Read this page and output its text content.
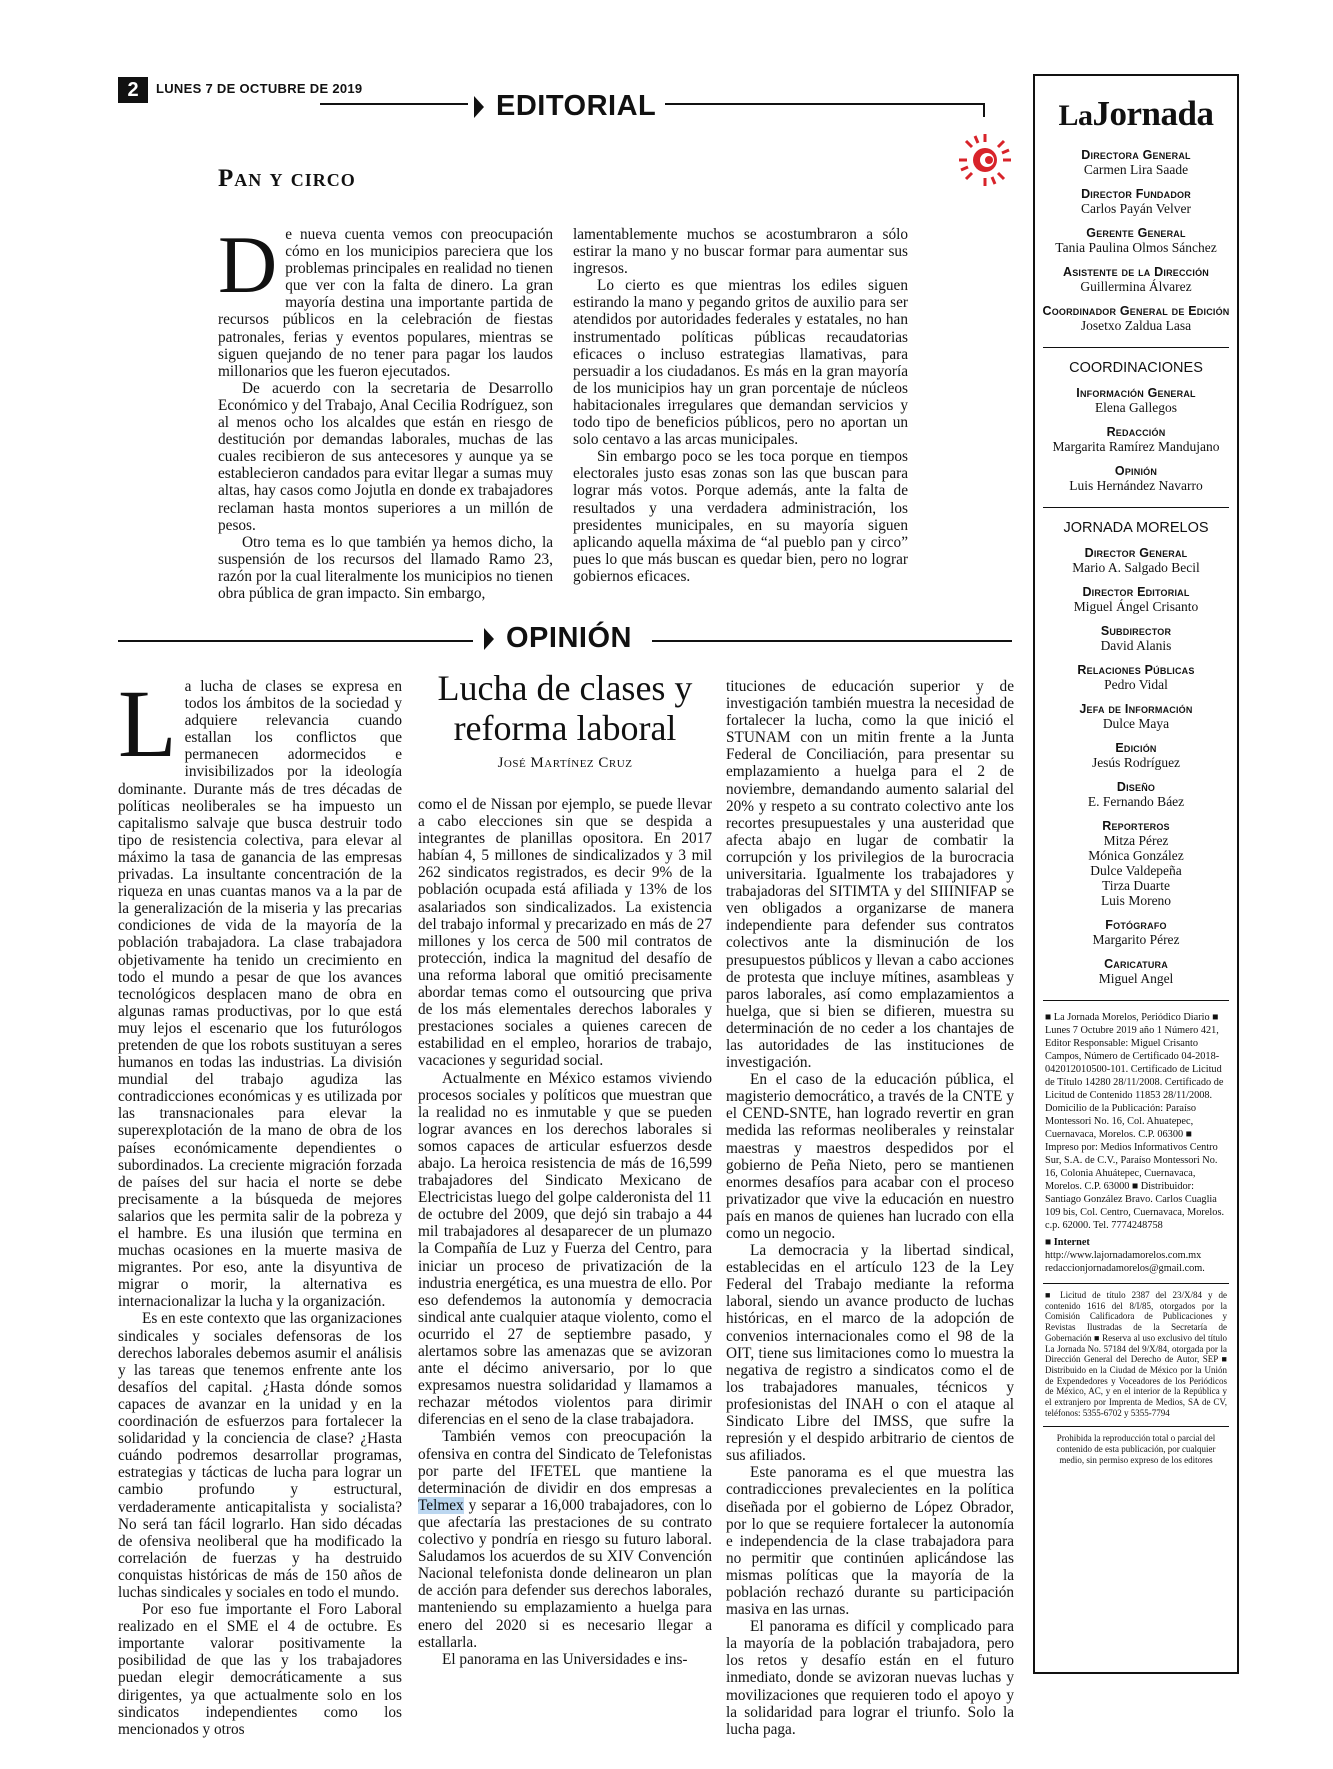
2	LUNES 7 DE OCTUBRE DE 2019
EDITORIAL
Pan y circo

De nueva cuenta vemos con preocupación cómo en los municipios pareciera que los problemas principales en realidad no tienen que ver con la falta de dinero. La gran mayoría destina una importante partida de recursos públicos en la celebración de fiestas patronales, ferias y eventos populares, mientras se siguen quejando de no tener para pagar los laudos millonarios que les fueron ejecutados.

De acuerdo con la secretaria de Desarrollo Económico y del Trabajo, Anal Cecilia Rodríguez, son al menos ocho los alcaldes que están en riesgo de destitución por demandas laborales, muchas de las cuales recibieron de sus antecesores y aunque ya se establecieron candados para evitar llegar a sumas muy altas, hay casos como Jojutla en donde ex trabajadores reclaman hasta montos superiores a un millón de pesos.

Otro tema es lo que también ya hemos dicho, la suspensión de los recursos del llamado Ramo 23, razón por la cual literalmente los municipios no tienen obra pública de gran impacto. Sin embargo,

lamentablemente muchos se acostumbraron a sólo estirar la mano y no buscar formar para aumentar sus ingresos.

Lo cierto es que mientras los ediles siguen estirando la mano y pegando gritos de auxilio para ser atendidos por autoridades federales y estatales, no han instrumentado políticas públicas recaudatorias eficaces o incluso estrategias llamativas, para persuadir a los ciudadanos. Es más en la gran mayoría de los municipios hay un gran porcentaje de núcleos habitacionales irregulares que demandan servicios y todo tipo de beneficios públicos, pero no aportan un solo centavo a las arcas municipales.

Sin embargo poco se les toca porque en tiempos electorales justo esas zonas son las que buscan para lograr más votos. Porque además, ante la falta de resultados y una verdadera administración, los presidentes municipales, en su mayoría siguen aplicando aquella máxima de “al pueblo pan y circo” pues lo que más buscan es quedar bien, pero no lograr gobiernos eficaces.

OPINIÓN
Lucha de clases y
reforma laboral
José Martínez Cruz

La lucha de clases se expresa en todos los ámbitos de la sociedad y adquiere relevancia cuando estallan los conflictos que permanecen adormecidos e invisibilizados por la ideología dominante. Durante más de tres décadas de políticas neoliberales se ha impuesto un capitalismo salvaje que busca destruir todo tipo de resistencia colectiva, para elevar al máximo la tasa de ganancia de las empresas privadas. La insultante concentración de la riqueza en unas cuantas manos va a la par de la generalización de la miseria y las precarias condiciones de vida de la mayoría de la población trabajadora. La clase trabajadora objetivamente ha tenido un crecimiento en todo el mundo a pesar de que los avances tecnológicos desplacen mano de obra en algunas ramas productivas, por lo que está muy lejos el escenario que los futurólogos pretenden de que los robots sustituyan a seres humanos en todas las industrias. La división mundial del trabajo agudiza las contradicciones económicas y es utilizada por las transnacionales para elevar la superexplotación de la mano de obra de los países económicamente dependientes o subordinados. La creciente migración forzada de países del sur hacia el norte se debe precisamente a la búsqueda de mejores salarios que les permita salir de la pobreza y el hambre. Es una ilusión que termina en muchas ocasiones en la muerte masiva de migrantes. Por eso, ante la disyuntiva de migrar o morir, la alternativa es internacionalizar la lucha y la organización.

Es en este contexto que las organizaciones sindicales y sociales defensoras de los derechos laborales debemos asumir el análisis y las tareas que tenemos enfrente ante los desafíos del capital. ¿Hasta dónde somos capaces de avanzar en la unidad y en la coordinación de esfuerzos para fortalecer la solidaridad y la conciencia de clase? ¿Hasta cuándo podremos desarrollar programas, estrategias y tácticas de lucha para lograr un cambio profundo y estructural, verdaderamente anticapitalista y socialista? No será tan fácil lograrlo. Han sido décadas de ofensiva neoliberal que ha modificado la correlación de fuerzas y ha destruido conquistas históricas de más de 150 años de luchas sindicales y sociales en todo el mundo.

Por eso fue importante el Foro Laboral realizado en el SME el 4 de octubre. Es importante valorar positivamente la posibilidad de que las y los trabajadores puedan elegir democráticamente a sus dirigentes, ya que actualmente solo en los sindicatos independientes como los mencionados y otros

como el de Nissan por ejemplo, se puede llevar a cabo elecciones sin que se despida a integrantes de planillas opositora. En 2017 habían 4, 5 millones de sindicalizados y 3 mil 262 sindicatos registrados, es decir 9% de la población ocupada está afiliada y 13% de los asalariados son sindicalizados. La existencia del trabajo informal y precarizado en más de 27 millones y los cerca de 500 mil contratos de protección, indica la magnitud del desafío de una reforma laboral que omitió precisamente abordar temas como el outsourcing que priva de los más elementales derechos laborales y prestaciones sociales a quienes carecen de estabilidad en el empleo, horarios de trabajo, vacaciones y seguridad social.

Actualmente en México estamos viviendo procesos sociales y políticos que muestran que la realidad no es inmutable y que se pueden lograr avances en los derechos laborales si somos capaces de articular esfuerzos desde abajo. La heroica resistencia de más de 16,599 trabajadores del Sindicato Mexicano de Electricistas luego del golpe calderonista del 11 de octubre del 2009, que dejó sin trabajo a 44 mil trabajadores al desaparecer de un plumazo la Compañía de Luz y Fuerza del Centro, para iniciar un proceso de privatización de la industria energética, es una muestra de ello. Por eso defendemos la autonomía y democracia sindical ante cualquier ataque violento, como el ocurrido el 27 de septiembre pasado, y alertamos sobre las amenazas que se avizoran ante el décimo aniversario, por lo que expresamos nuestra solidaridad y llamamos a rechazar métodos violentos para dirimir diferencias en el seno de la clase trabajadora.

También vemos con preocupación la ofensiva en contra del Sindicato de Telefonistas por parte del IFETEL que mantiene la determinación de dividir en dos empresas a Telmex y separar a 16,000 trabajadores, con lo que afectaría las prestaciones de su contrato colectivo y pondría en riesgo su futuro laboral. Saludamos los acuerdos de su XIV Convención Nacional telefonista donde delinearon un plan de acción para defender sus derechos laborales, manteniendo su emplazamiento a huelga para enero del 2020 si es necesario llegar a estallarla.

El panorama en las Universidades e ins-

tituciones de educación superior y de investigación también muestra la necesidad de fortalecer la lucha, como la que inició el STUNAM con un mitin frente a la Junta Federal de Conciliación, para presentar su emplazamiento a huelga para el 2 de noviembre, demandando aumento salarial del 20% y respeto a su contrato colectivo ante los recortes presupuestales y una austeridad que afecta abajo en lugar de combatir la corrupción y los privilegios de la burocracia universitaria. Igualmente los trabajadores y trabajadoras del SITIMTA y del SIIINIFAP se ven obligados a organizarse de manera independiente para defender sus contratos colectivos ante la disminución de los presupuestos públicos y llevan a cabo acciones de protesta que incluye mítines, asambleas y paros laborales, así como emplazamientos a huelga, que si bien se difieren, muestra su determinación de no ceder a los chantajes de las autoridades de las instituciones de investigación.

En el caso de la educación pública, el magisterio democrático, a través de la CNTE y el CEND-SNTE, han logrado revertir en gran medida las reformas neoliberales y reinstalar maestras y maestros despedidos por el gobierno de Peña Nieto, pero se mantienen enormes desafíos para acabar con el proceso privatizador que vive la educación en nuestro país en manos de quienes han lucrado con ella como un negocio.

La democracia y la libertad sindical, establecidas en el artículo 123 de la Ley Federal del Trabajo mediante la reforma laboral, siendo un avance producto de luchas históricas, en el marco de la adopción de convenios internacionales como el 98 de la OIT, tiene sus limitaciones como lo muestra la negativa de registro a sindicatos como el de los trabajadores manuales, técnicos y profesionistas del INAH o con el ataque al Sindicato Libre del IMSS, que sufre la represión y el despido arbitrario de cientos de sus afiliados.

Este panorama es el que muestra las contradicciones prevalecientes en la política diseñada por el gobierno de López Obrador, por lo que se requiere fortalecer la autonomía e independencia de la clase trabajadora para no permitir que continúen aplicándose las mismas políticas que la mayoría de la población rechazó durante su participación masiva en las urnas.

El panorama es difícil y complicado para la mayoría de la población trabajadora, pero los retos y desafío están en el futuro inmediato, donde se avizoran nuevas luchas y movilizaciones que requieren todo el apoyo y la solidaridad para lograr el triunfo. Solo la lucha paga.

LaJornada
Directora General
Carmen Lira Saade
Director Fundador
Carlos Payán Velver
Gerente General
Tania Paulina Olmos Sánchez
Asistente de la Dirección
Guillermina Álvarez
Coordinador General de Edición
Josetxo Zaldua Lasa
COORDINACIONES
Información General
Elena Gallegos
Redacción
Margarita Ramírez Mandujano
Opinión
Luis Hernández Navarro
JORNADA MORELOS
Director General
Mario A. Salgado Becil
Director Editorial
Miguel Ángel Crisanto
Subdirector
David Alanis
Relaciones Públicas
Pedro Vidal
Jefa de Información
Dulce Maya
Edición
Jesús Rodríguez
Diseño
E. Fernando Báez
Reporteros
Mitza Pérez
Mónica González
Dulce Valdepeña
Tirza Duarte
Luis Moreno
Fotógrafo
Margarito Pérez
Caricatura
Miguel Angel
■ La Jornada Morelos, Periódico Diario ■ Lunes 7 Octubre 2019 año 1 Número 421, Editor Responsable: Miguel Crisanto Campos, Número de Certificado 04-2018-042012010500-101. Certificado de Licitud de Título 14280 28/11/2008. Certificado de Licitud de Contenido 11853 28/11/2008. Domicilio de la Publicación: Paraíso Montessori No. 16, Col. Ahuatepec, Cuernavaca, Morelos. C.P. 06300 ■ Impreso por: Medios Informativos Centro Sur, S.A. de C.V., Paraíso Montessori No. 16, Colonia Ahuátepec, Cuernavaca, Morelos. C.P. 63000 ■ Distribuidor: Santiago González Bravo. Carlos Cuaglia 109 bis, Col. Centro, Cuernavaca, Morelos. c.p. 62000. Tel. 7774248758
■ Internet
http://www.lajornadamorelos.com.mx
redaccionjornadamorelos@gmail.com.
■ Licitud de título 2387 del 23/X/84 y de contenido 1616 del 8/I/85, otorgados por la Comisión Calificadora de Publicaciones y Revistas Ilustradas de la Secretaría de Gobernación ■ Reserva al uso exclusivo del título La Jornada No. 57184 del 9/X/84, otorgada por la Dirección General del Derecho de Autor, SEP ■ Distribuido en la Ciudad de México por la Unión de Expendedores y Voceadores de los Periódicos de México, AC, y en el interior de la República y el extranjero por Imprenta de Medios, SA de CV, teléfonos: 5355-6702 y 5355-7794
Prohibida la reproducción total o parcial del contenido de esta publicación, por cualquier medio, sin permiso expreso de los editores
